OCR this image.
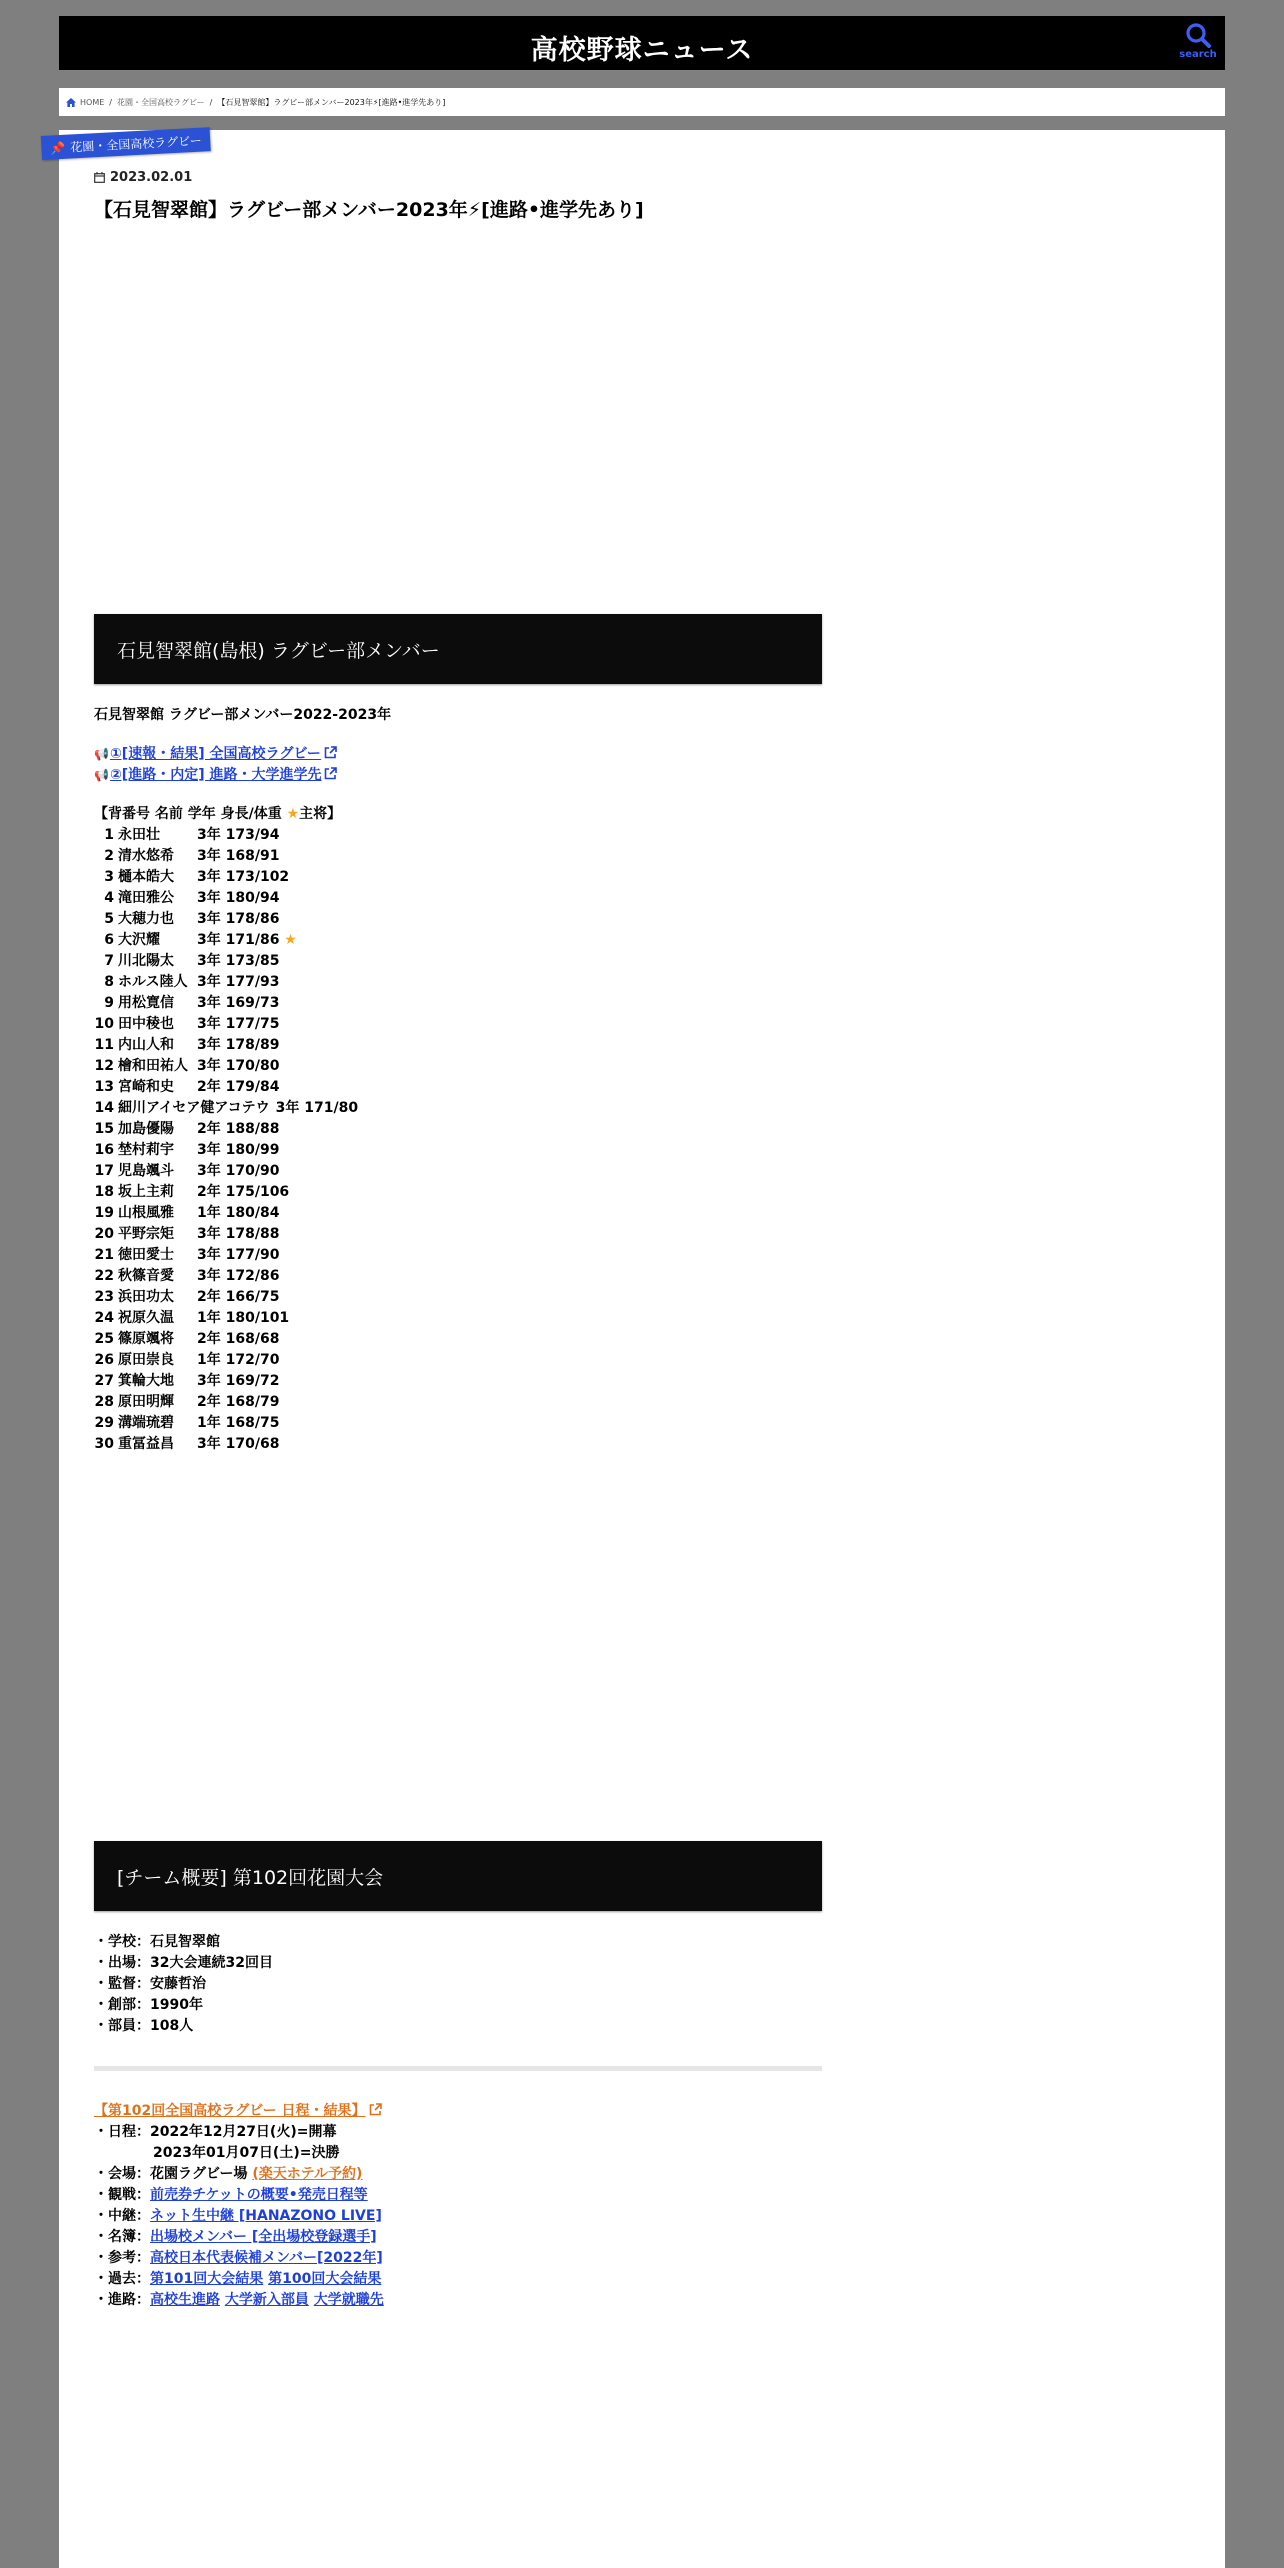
高校野球ニュース	search
HOME / 花園・全国高校ラグビー / 【石見智翠館】ラグビー部メンバー2023年⚡[進路•進学先あり]
📌 花園・全国高校ラグビー
2023.02.01
【石見智翠館】ラグビー部メンバー2023年⚡[進路•進学先あり]
石見智翠館(島根) ラグビー部メンバー
石見智翠館 ラグビー部メンバー2022-2023年
📢①[速報・結果] 全国高校ラグビー
📢②[進路・内定] 進路・大学進学先
【背番号 名前 学年 身長/体重 ★主将】
1 永田壮	3年 173/94
2 清水悠希 3年 168/91
3 樋本皓大 3年 173/102
4 滝田雅公 3年 180/94
5 大穂力也 3年 178/86
6 大沢耀	3年 171/86 ★
7 川北陽太 3年 173/85
8 ホルス陸人 3年 177/93
9 用松寛信 3年 169/73
10 田中稜也 3年 177/75
11 内山人和 3年 178/89
12 檜和田祐人 3年 170/80
13 宮崎和史 2年 179/84
14 細川アイセア健アコテウ 3年 171/80
15 加島優陽 2年 188/88
16 埜村莉宇 3年 180/99
17 児島颯斗 3年 170/90
18 坂上主莉 2年 175/106
19 山根風雅 1年 180/84
20 平野宗矩 3年 178/88
21 徳田愛士 3年 177/90
22 秋篠音愛 3年 172/86
23 浜田功太 2年 166/75
24 祝原久温 1年 180/101
25 篠原颯将 2年 168/68
26 原田崇良 1年 172/70
27 箕輪大地 3年 169/72
28 原田明輝 2年 168/79
29 溝端琉碧 1年 168/75
30 重冨益昌 3年 170/68
[チーム概要] 第102回花園大会
・学校：石見智翠館
・出場：32大会連続32回目
・監督：安藤哲治
・創部：1990年
・部員：108人
【第102回全国高校ラグビー 日程・結果】
・日程：2022年12月27日(火)=開幕
2023年01月07日(土)=決勝
・会場：花園ラグビー場 (楽天ホテル予約)
・観戦：前売券チケットの概要•発売日程等
・中継：ネット生中継 [HANAZONO LIVE]
・名簿：出場校メンバー [全出場校登録選手]
・参考：高校日本代表候補メンバー[2022年]
・過去：第101回大会結果 第100回大会結果
・進路：高校生進路 大学新入部員 大学就職先
